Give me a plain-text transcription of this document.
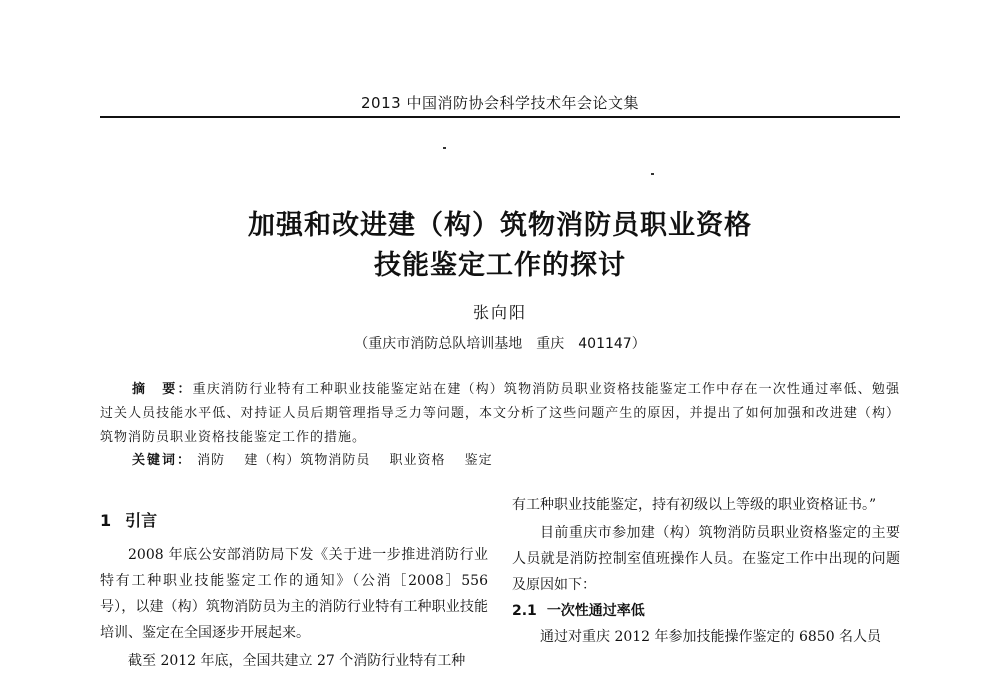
2013 中国消防协会科学技术年会论文集
加强和改进建（构）筑物消防员职业资格
技能鉴定工作的探讨
张向阳
（重庆市消防总队培训基地　重庆　401147）
摘　要：重庆消防行业特有工种职业技能鉴定站在建（构）筑物消防员职业资格技能鉴定工作中存在一次性通过率低、勉强过关人员技能水平低、对持证人员后期管理指导乏力等问题，本文分析了这些问题产生的原因，并提出了如何加强和改进建（构）筑物消防员职业资格技能鉴定工作的措施。
关键词： 消防 建（构）筑物消防员 职业资格 鉴定
1 引言

2008 年底公安部消防局下发《关于进一步推进消防行业特有工种职业技能鉴定工作的通知》（公消［2008］556 号），以建（构）筑物消防员为主的消防行业特有工种职业技能培训、鉴定在全国逐步开展起来。

截至 2012 年底，全国共建立 27 个消防行业特有工种

有工种职业技能鉴定，持有初级以上等级的职业资格证书。”

目前重庆市参加建（构）筑物消防员职业资格鉴定的主要人员就是消防控制室值班操作人员。在鉴定工作中出现的问题及原因如下：

2.1 一次性通过率低

通过对重庆 2012 年参加技能操作鉴定的 6850 名人员
